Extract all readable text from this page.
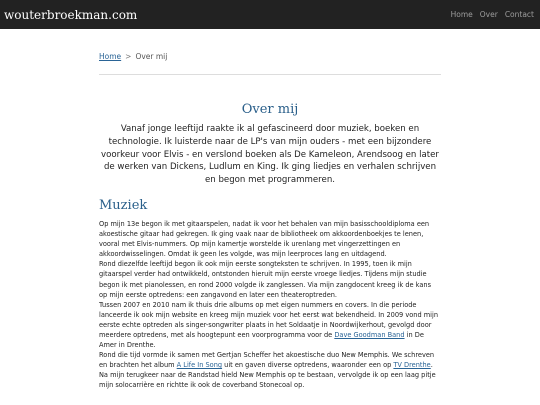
wouterbroekman.com	Home Over Contact
Home > Over mij
Over mij

Vanaf jonge leeftijd raakte ik al gefascineerd door muziek, boeken en technologie. Ik luisterde naar de LP's van mijn ouders - met een bijzondere voorkeur voor Elvis - en verslond boeken als De Kameleon, Arendsoog en later de werken van Dickens, Ludlum en King. Ik ging liedjes en verhalen schrijven en begon met programmeren.

Muziek

Op mijn 13e begon ik met gitaarspelen, nadat ik voor het behalen van mijn basisschooldiploma een akoestische gitaar had gekregen. Ik ging vaak naar de bibliotheek om akkoordenboekjes te lenen, vooral met Elvis-nummers. Op mijn kamertje worstelde ik urenlang met vingerzettingen en akkoordwisselingen. Omdat ik geen les volgde, was mijn leerproces lang en uitdagend.

Rond diezelfde leeftijd begon ik ook mijn eerste songteksten te schrijven. In 1995, toen ik mijn gitaarspel verder had ontwikkeld, ontstonden hieruit mijn eerste vroege liedjes. Tijdens mijn studie begon ik met pianolessen, en rond 2000 volgde ik zanglessen. Via mijn zangdocent kreeg ik de kans op mijn eerste optredens: een zangavond en later een theateroptreden.

Tussen 2007 en 2010 nam ik thuis drie albums op met eigen nummers en covers. In die periode lanceerde ik ook mijn website en kreeg mijn muziek voor het eerst wat bekendheid. In 2009 vond mijn eerste echte optreden als singer-songwriter plaats in het Soldaatje in Noordwijkerhout, gevolgd door meerdere optredens, met als hoogtepunt een voorprogramma voor de Dave Goodman Band in De Amer in Drenthe.

Rond die tijd vormde ik samen met Gertjan Scheffer het akoestische duo New Memphis. We schreven en brachten het album A Life In Song uit en gaven diverse optredens, waaronder een op TV Drenthe. Na mijn terugkeer naar de Randstad hield New Memphis op te bestaan, vervolgde ik op een laag pitje mijn solocarrière en richtte ik ook de coverband Stonecoal op.
